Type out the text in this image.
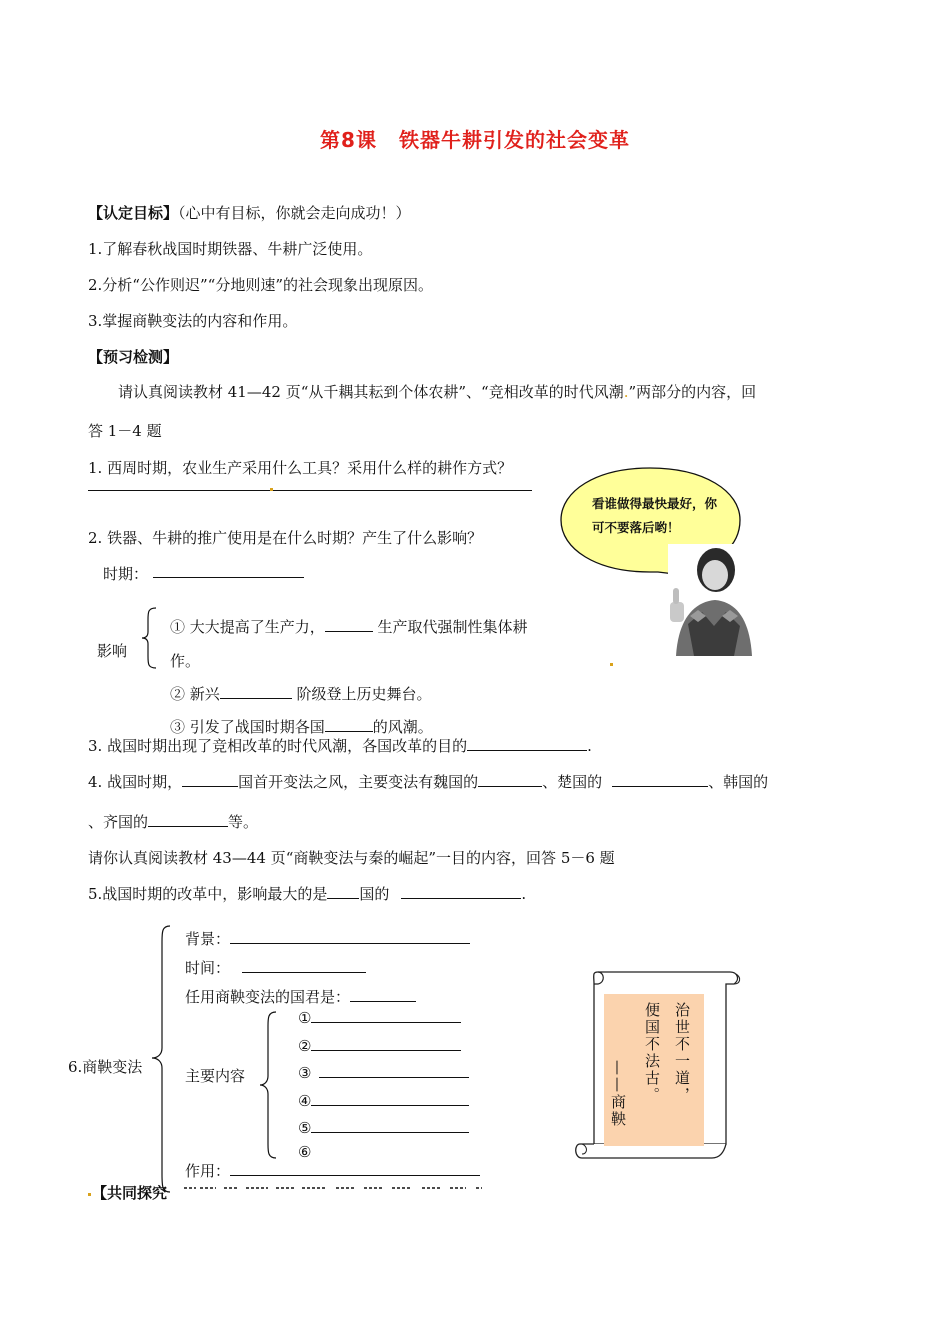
第8课 铁器牛耕引发的社会变革
【认定目标】（心中有目标，你就会走向成功！）
1.了解春秋战国时期铁器、牛耕广泛使用。
2.分析“公作则迟”“分地则速”的社会现象出现原因。
3.掌握商鞅变法的内容和作用。
【预习检测】
请认真阅读教材 41—42 页“从千耦其耘到个体农耕”、“竞相改革的时代风潮.”两部分的内容，回
答 1－4 题
1. 西周时期，农业生产采用什么工具？采用什么样的耕作方式？
看谁做得最快最好，你可不要落后哟！
2. 铁器、牛耕的推广使用是在什么时期？产生了什么影响？
时期：
影响
① 大大提高了生产力，	生产取代强制性集体耕
作。
② 新兴	阶级登上历史舞台。
③ 引发了战国时期各国	的风潮。
3. 战国时期出现了竞相改革的时代风潮，各国改革的目的	.
4. 战国时期，	国首开变法之风，主要变法有魏国的	、楚国的	、韩国的
、齐国的	等。
请你认真阅读教材 43—44 页“商鞅变法与秦的崛起”一目的内容，回答 5－6 题
5.战国时期的改革中，影响最大的是 国的	.
6.商鞅变法
背景：
时间：
任用商鞅变法的国君是：
主要内容
①
②
③
④
⑤
⑥
作用：
治世不一道，
便国不法古。
——商鞅
【共同探究
